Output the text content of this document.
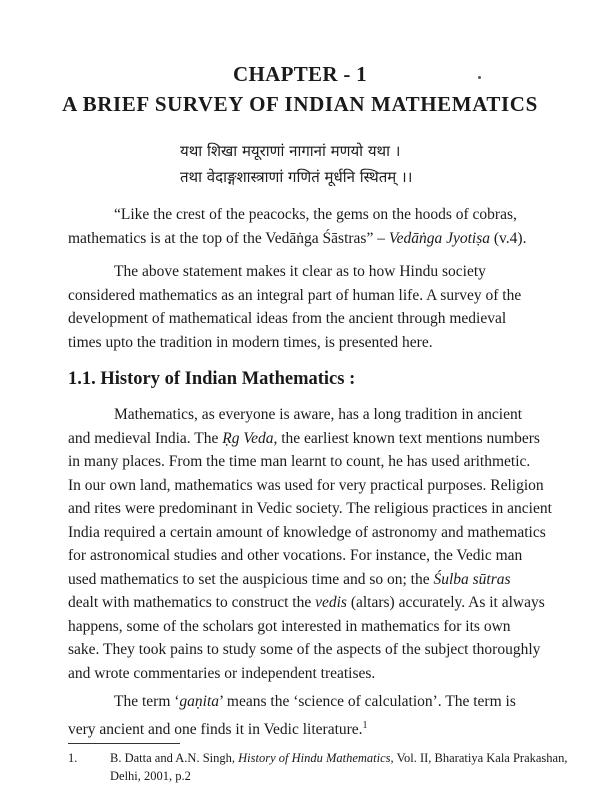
CHAPTER - 1
A BRIEF SURVEY OF INDIAN MATHEMATICS
यथा शिखा मयूराणां नागानां मणयो यथा ।
तथा वेदाङ्गशास्त्राणां गणितं मूर्धनि स्थितम् ।।

“Like the crest of the peacocks, the gems on the hoods of cobras,
mathematics is at the top of the Vedāṅga Śāstras” – Vedāṅga Jyotiṣa (v.4).

The above statement makes it clear as to how Hindu society
considered mathematics as an integral part of human life. A survey of the
development of mathematical ideas from the ancient through medieval
times upto the tradition in modern times, is presented here.

1.1. History of Indian Mathematics :

Mathematics, as everyone is aware, has a long tradition in ancient
and medieval India. The Ṛg Veda, the earliest known text mentions numbers
in many places. From the time man learnt to count, he has used arithmetic.
In our own land, mathematics was used for very practical purposes. Religion
and rites were predominant in Vedic society. The religious practices in ancient
India required a certain amount of knowledge of astronomy and mathematics
for astronomical studies and other vocations. For instance, the Vedic man
used mathematics to set the auspicious time and so on; the Śulba sūtras
dealt with mathematics to construct the vedis (altars) accurately. As it always
happens, some of the scholars got interested in mathematics for its own
sake. They took pains to study some of the aspects of the subject thoroughly
and wrote commentaries or independent treatises.

The term ‘gaṇita’ means the ‘science of calculation’. The term is
very ancient and one finds it in Vedic literature.$^1$

1.	B. Datta and A.N. Singh, History of Hindu Mathematics, Vol. II, Bharatiya Kala Prakashan,
Delhi, 2001, p.2
